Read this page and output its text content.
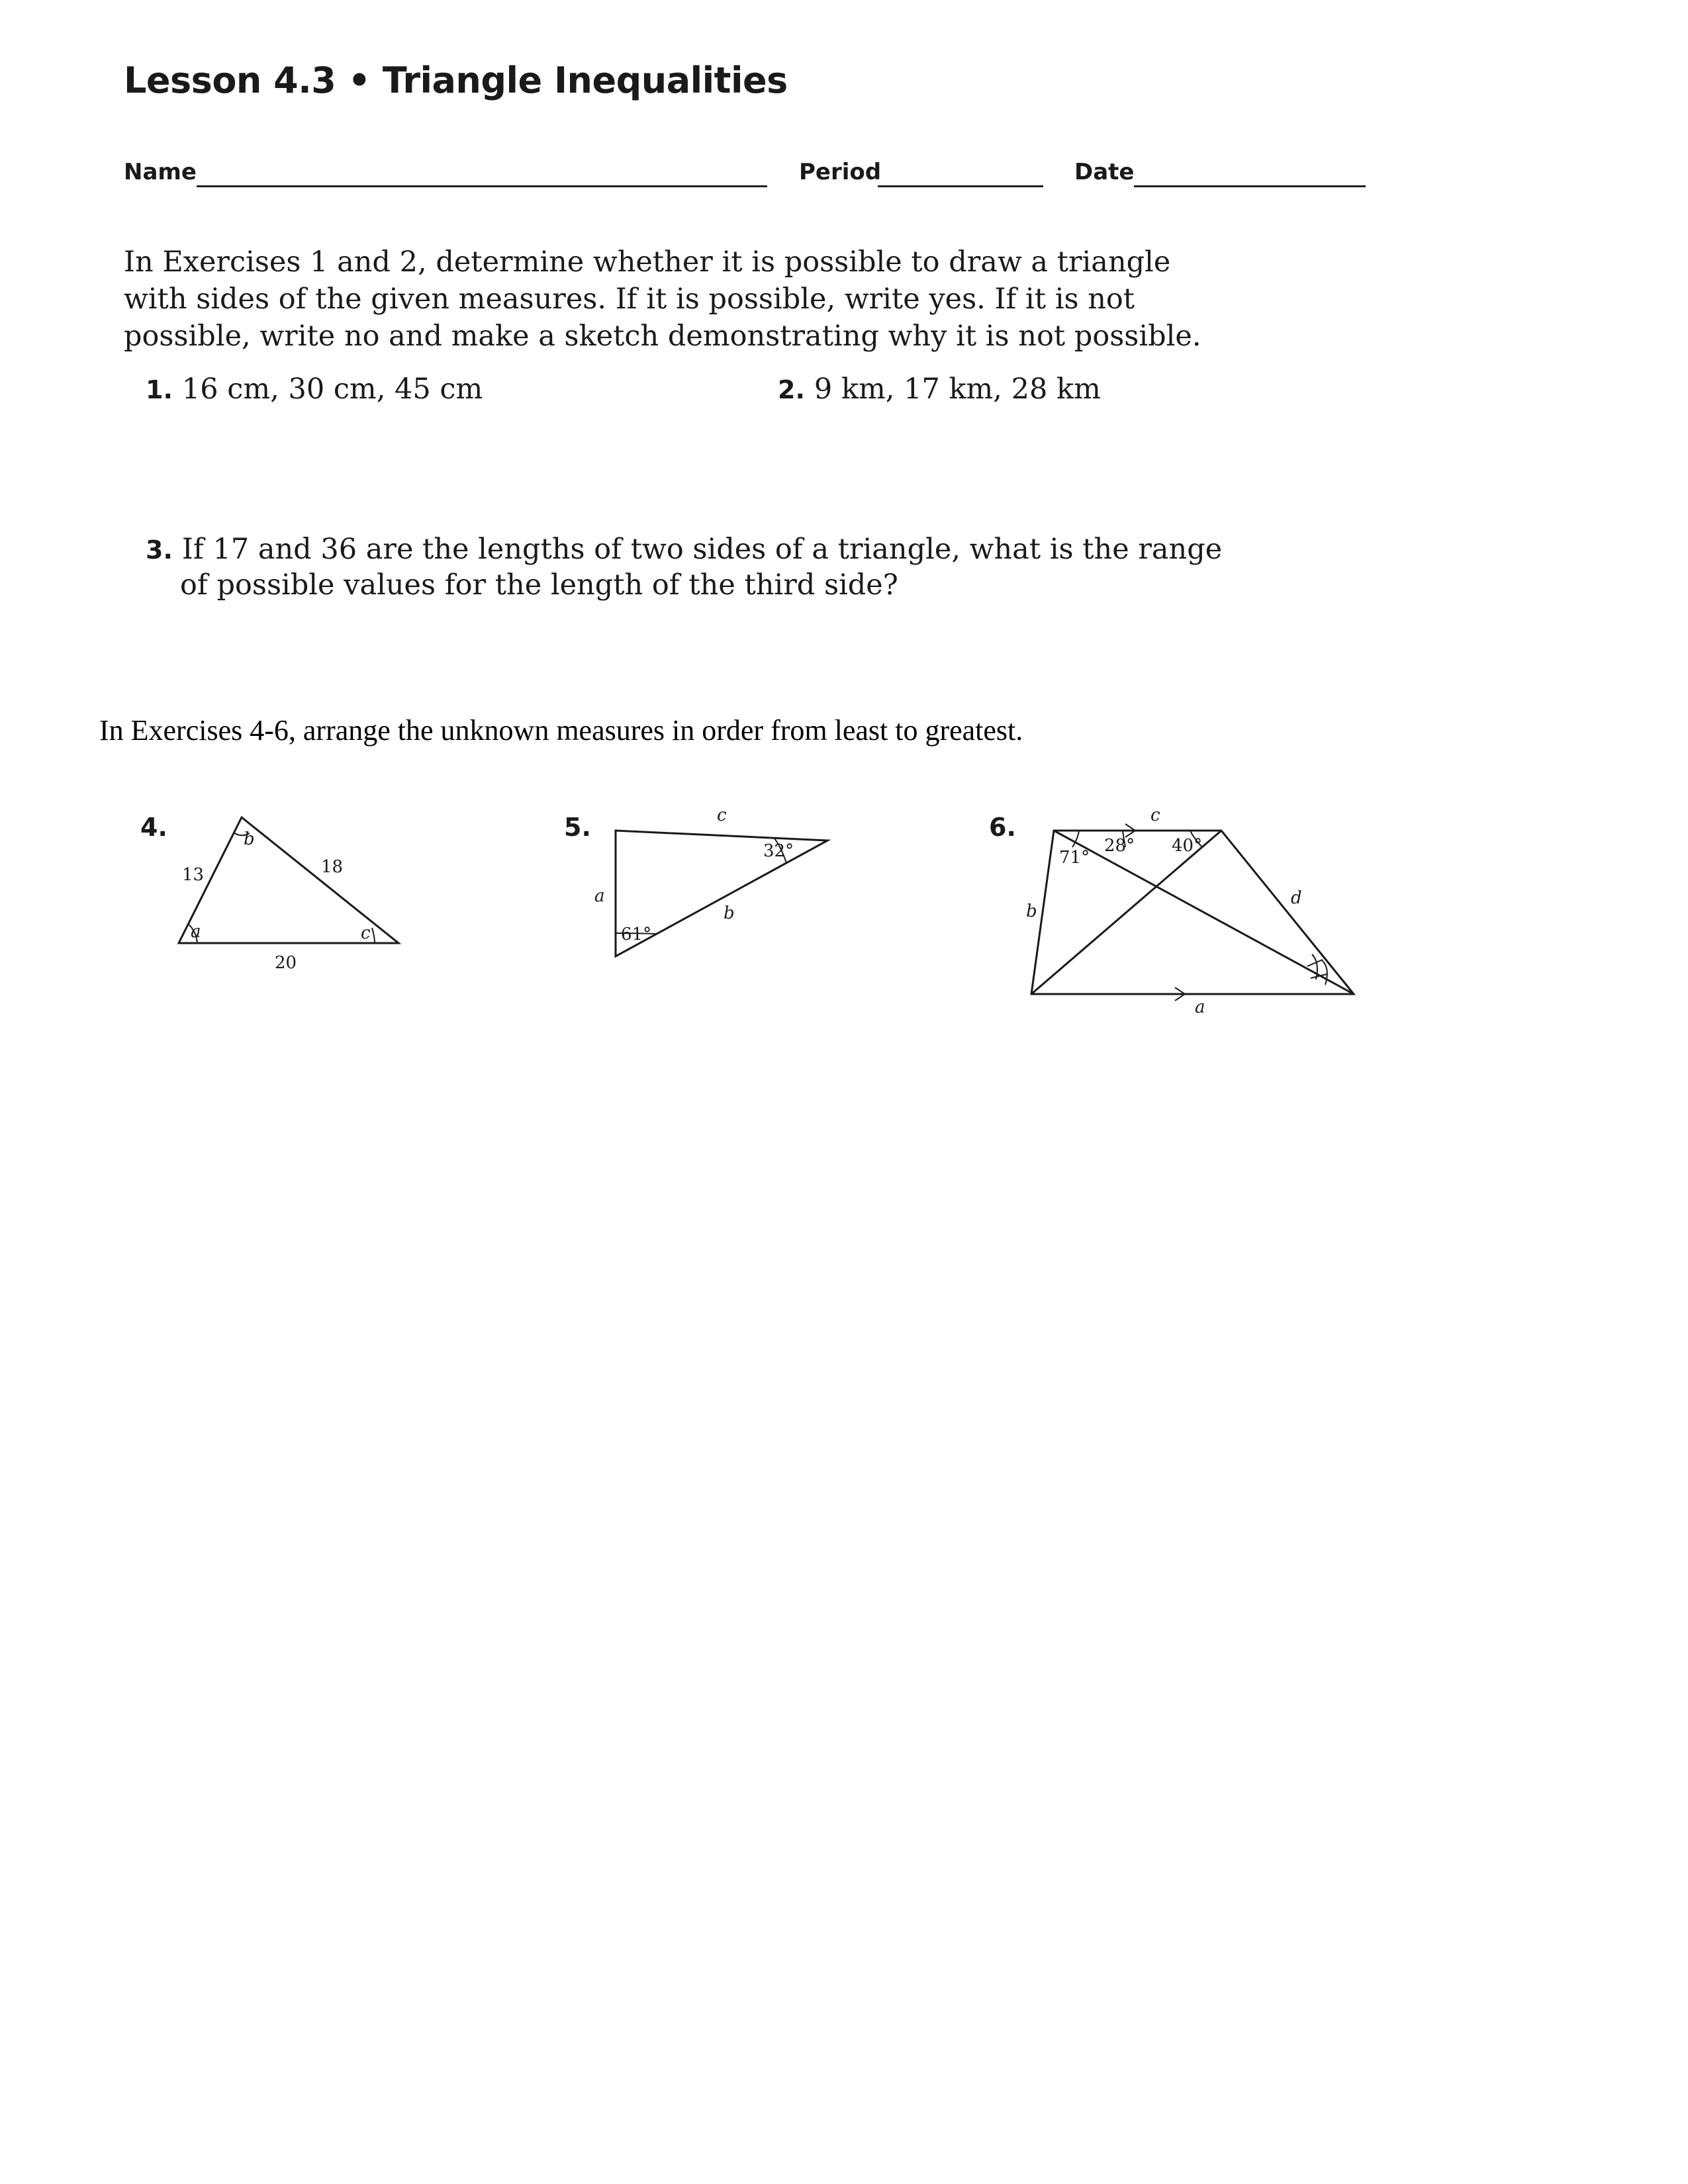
Lesson 4.3 • Triangle Inequalities
Name	Period	Date
In Exercises 1 and 2, determine whether it is possible to draw a triangle
with sides of the given measures. If it is possible, write yes. If it is not
possible, write no and make a sketch demonstrating why it is not possible.
1. 16 cm, 30 cm, 45 cm	2. 9 km, 17 km, 28 km
3. If 17 and 36 are the lengths of two sides of a triangle, what is the range
of possible values for the length of the third side?
In Exercises 4-6, arrange the unknown measures in order from least to greatest.
4.	5.	6.
13	18
20
b
a	c
c
a
b
32°
61°
c
b
d
a
71°
28° 40°
